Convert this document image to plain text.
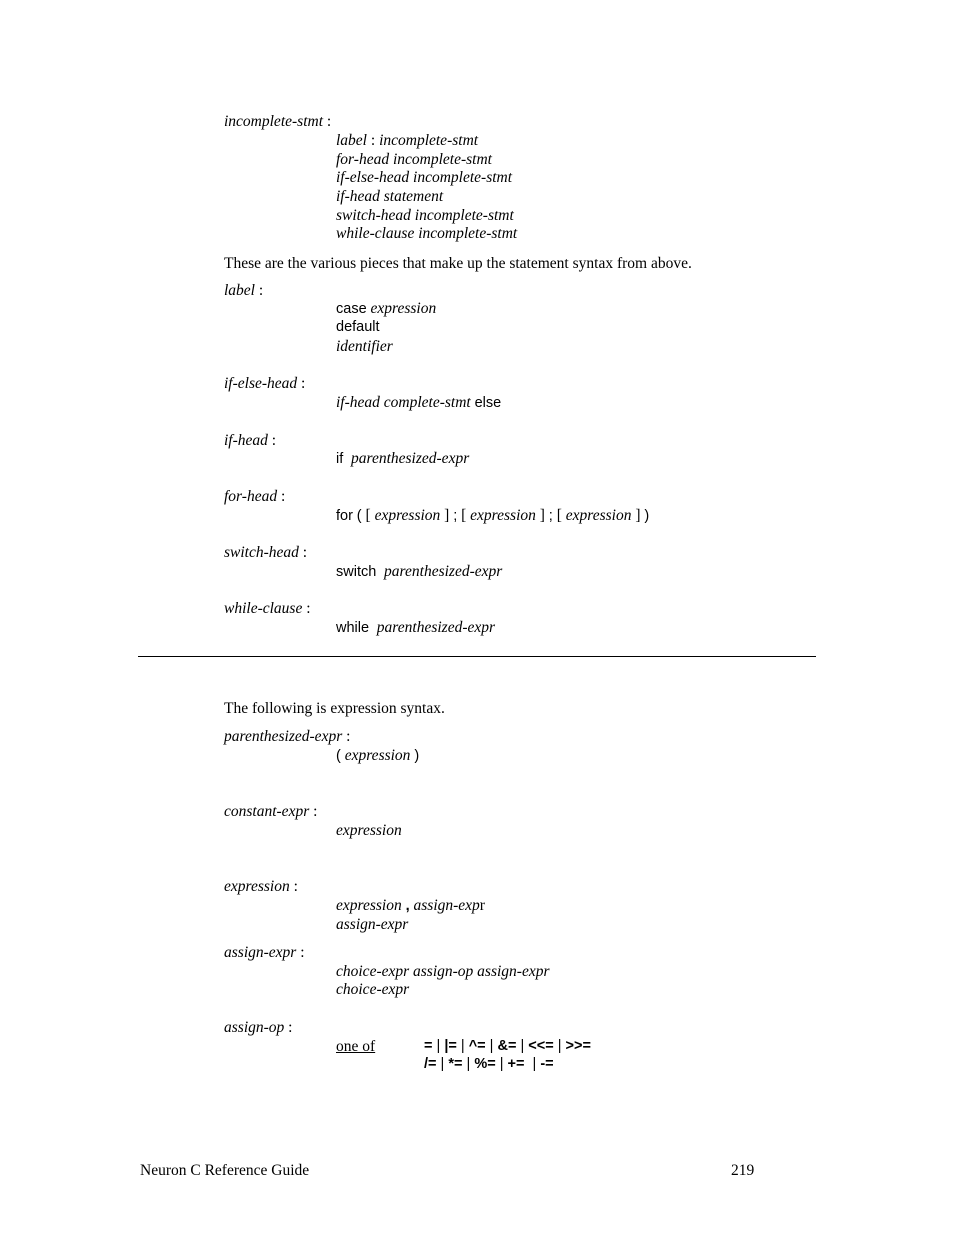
incomplete-stmt :
label : incomplete-stmt
for-head incomplete-stmt
if-else-head incomplete-stmt
if-head statement
switch-head incomplete-stmt
while-clause incomplete-stmt
These are the various pieces that make up the statement syntax from above.
label :
case expression
default
identifier
if-else-head :
if-head complete-stmt else
if-head :
if parenthesized-expr
for-head :
for ( [ expression ] ; [ expression ] ; [ expression ] )
switch-head :
switch parenthesized-expr
while-clause :
while parenthesized-expr
The following is expression syntax.
parenthesized-expr :
( expression )
constant-expr :
expression
expression :
expression , assign-expr
assign-expr
assign-expr :
choice-expr assign-op assign-expr
choice-expr
assign-op :
one of	= | |= | ^= | &= | <<= | >>=
/= | *= | %= | += | -=
Neuron C Reference Guide	219
